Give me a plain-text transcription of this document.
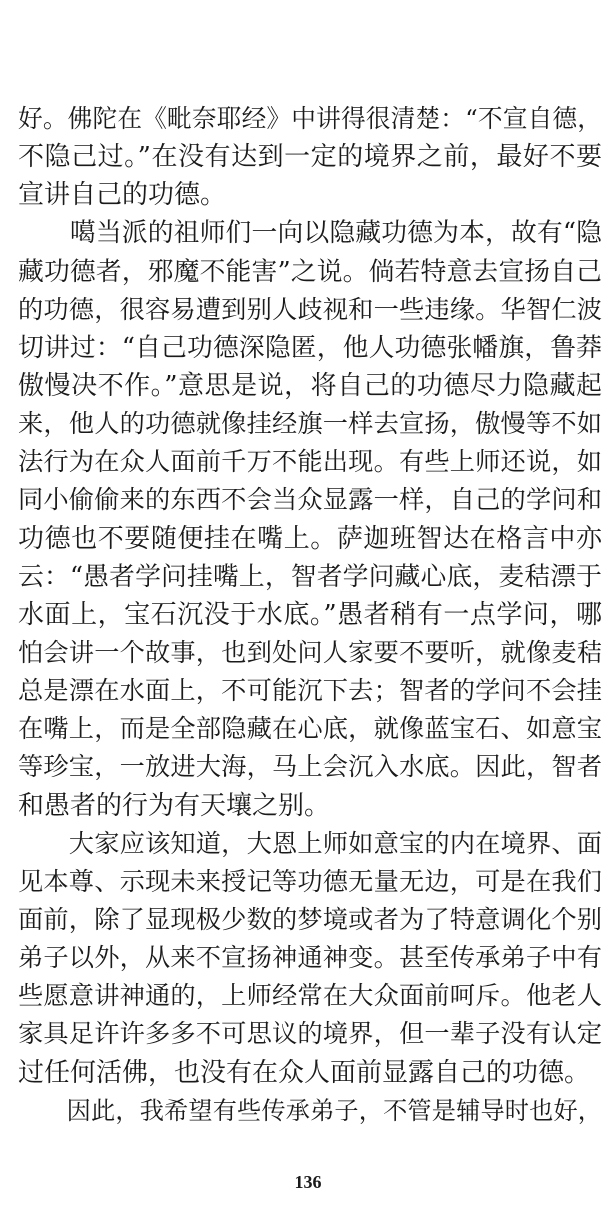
好。佛陀在《毗奈耶经》中讲得很清楚：“不宣自德，
不隐己过。”在没有达到一定的境界之前，最好不要
宣讲自己的功德。
　　噶当派的祖师们一向以隐藏功德为本，故有“隐
藏功德者，邪魔不能害”之说。倘若特意去宣扬自己
的功德，很容易遭到别人歧视和一些违缘。华智仁波
切讲过：“自己功德深隐匿，他人功德张幡旗，鲁莽
傲慢决不作。”意思是说，将自己的功德尽力隐藏起
来，他人的功德就像挂经旗一样去宣扬，傲慢等不如
法行为在众人面前千万不能出现。有些上师还说，如
同小偷偷来的东西不会当众显露一样，自己的学问和
功德也不要随便挂在嘴上。萨迦班智达在格言中亦
云：“愚者学问挂嘴上，智者学问藏心底，麦秸漂于
水面上，宝石沉没于水底。”愚者稍有一点学问，哪
怕会讲一个故事，也到处问人家要不要听，就像麦秸
总是漂在水面上，不可能沉下去；智者的学问不会挂
在嘴上，而是全部隐藏在心底，就像蓝宝石、如意宝
等珍宝，一放进大海，马上会沉入水底。因此，智者
和愚者的行为有天壤之别。
　　大家应该知道，大恩上师如意宝的内在境界、面
见本尊、示现未来授记等功德无量无边，可是在我们
面前，除了显现极少数的梦境或者为了特意调化个别
弟子以外，从来不宣扬神通神变。甚至传承弟子中有
些愿意讲神通的，上师经常在大众面前呵斥。他老人
家具足许许多多不可思议的境界，但一辈子没有认定
过任何活佛，也没有在众人面前显露自己的功德。
　　因此，我希望有些传承弟子，不管是辅导时也好，
136
